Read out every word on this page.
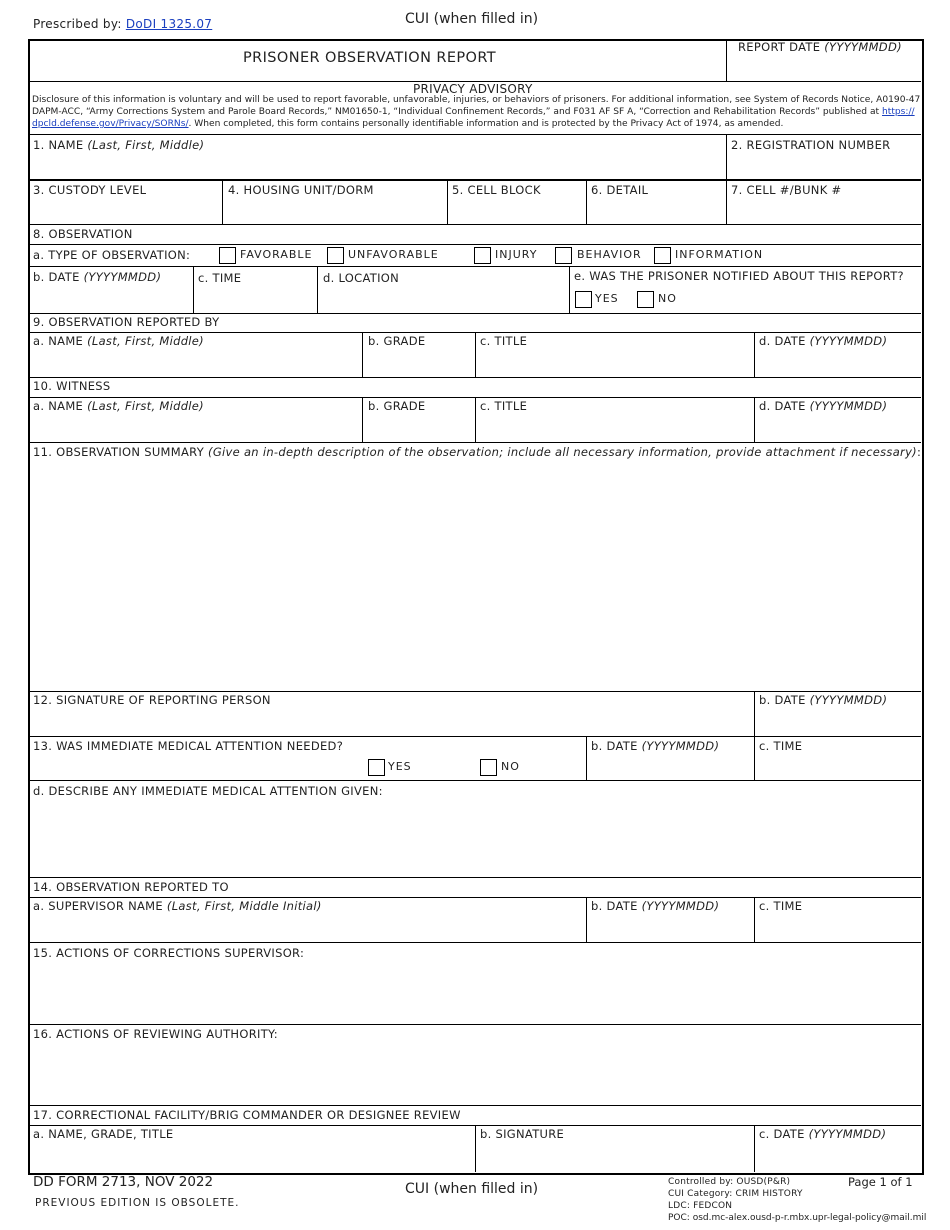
Prescribed by: DoDI 1325.07	CUI (when filled in)
PRISONER OBSERVATION REPORT
REPORT DATE (YYYYMMDD)
PRIVACY ADVISORY
Disclosure of this information is voluntary and will be used to report favorable, unfavorable, injuries, or behaviors of prisoners. For additional information, see System of Records Notice, A0190-47
DAPM-ACC, “Army Corrections System and Parole Board Records,” NM01650-1, “Individual Confinement Records,” and F031 AF SF A, “Correction and Rehabilitation Records” published at https://
dpcld.defense.gov/Privacy/SORNs/. When completed, this form contains personally identifiable information and is protected by the Privacy Act of 1974, as amended.
1. NAME (Last, First, Middle)	2. REGISTRATION NUMBER
3. CUSTODY LEVEL	4. HOUSING UNIT/DORM	5. CELL BLOCK	6. DETAIL	7. CELL #/BUNK #
8. OBSERVATION
a. TYPE OF OBSERVATION:	FAVORABLE	UNFAVORABLE	INJURY	BEHAVIOR	INFORMATION
b. DATE (YYYYMMDD)	c. TIME	d. LOCATION	e. WAS THE PRISONER NOTIFIED ABOUT THIS REPORT?
YES	NO
9. OBSERVATION REPORTED BY
a. NAME (Last, First, Middle)	b. GRADE	c. TITLE	d. DATE (YYYYMMDD)
10. WITNESS
a. NAME (Last, First, Middle)	b. GRADE	c. TITLE	d. DATE (YYYYMMDD)
11. OBSERVATION SUMMARY (Give an in-depth description of the observation; include all necessary information, provide attachment if necessary):
12. SIGNATURE OF REPORTING PERSON	b. DATE (YYYYMMDD)
13. WAS IMMEDIATE MEDICAL ATTENTION NEEDED?
YES	NO
b. DATE (YYYYMMDD)	c. TIME
d. DESCRIBE ANY IMMEDIATE MEDICAL ATTENTION GIVEN:
14. OBSERVATION REPORTED TO
a. SUPERVISOR NAME (Last, First, Middle Initial)	b. DATE (YYYYMMDD)	c. TIME
15. ACTIONS OF CORRECTIONS SUPERVISOR:
16. ACTIONS OF REVIEWING AUTHORITY:
17. CORRECTIONAL FACILITY/BRIG COMMANDER OR DESIGNEE REVIEW
a. NAME, GRADE, TITLE	b. SIGNATURE	c. DATE (YYYYMMDD)
DD FORM 2713, NOV 2022
PREVIOUS EDITION IS OBSOLETE.
CUI (when filled in)	Controlled by: OUSD(P&R)
CUI Category: CRIM HISTORY
LDC: FEDCON
POC: osd.mc-alex.ousd-p-r.mbx.upr-legal-policy@mail.mil
Page 1 of 1
